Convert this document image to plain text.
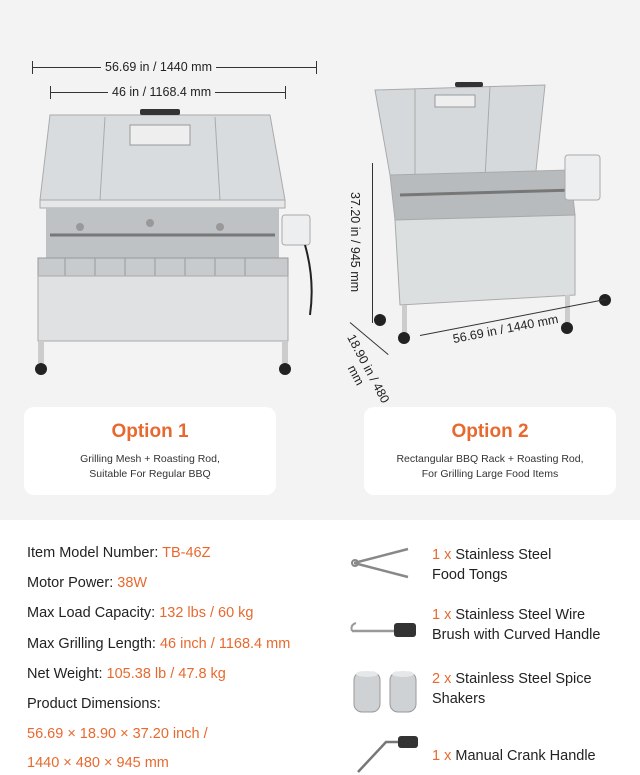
56.69 in / 1440 mm
46 in / 1168.4 mm
37.20 in / 945 mm
56.69 in / 1440 mm
18.90 in / 480 mm
Option 1
Grilling Mesh + Roasting Rod,
Suitable For Regular BBQ
Option 2
Rectangular BBQ Rack + Roasting Rod,
For Grilling Large Food Items
Item Model Number: TB-46Z
Motor Power: 38W
Max Load Capacity: 132 lbs / 60 kg
Max Grilling Length: 46 inch / 1168.4 mm
Net Weight: 105.38 lb / 47.8 kg
Product Dimensions:
56.69 × 18.90 × 37.20 inch /
1440 × 480 × 945 mm
1 x Stainless Steel
Food Tongs
1 x Stainless Steel Wire
Brush with Curved Handle
2 x Stainless Steel Spice
Shakers
1 x Manual Crank Handle
